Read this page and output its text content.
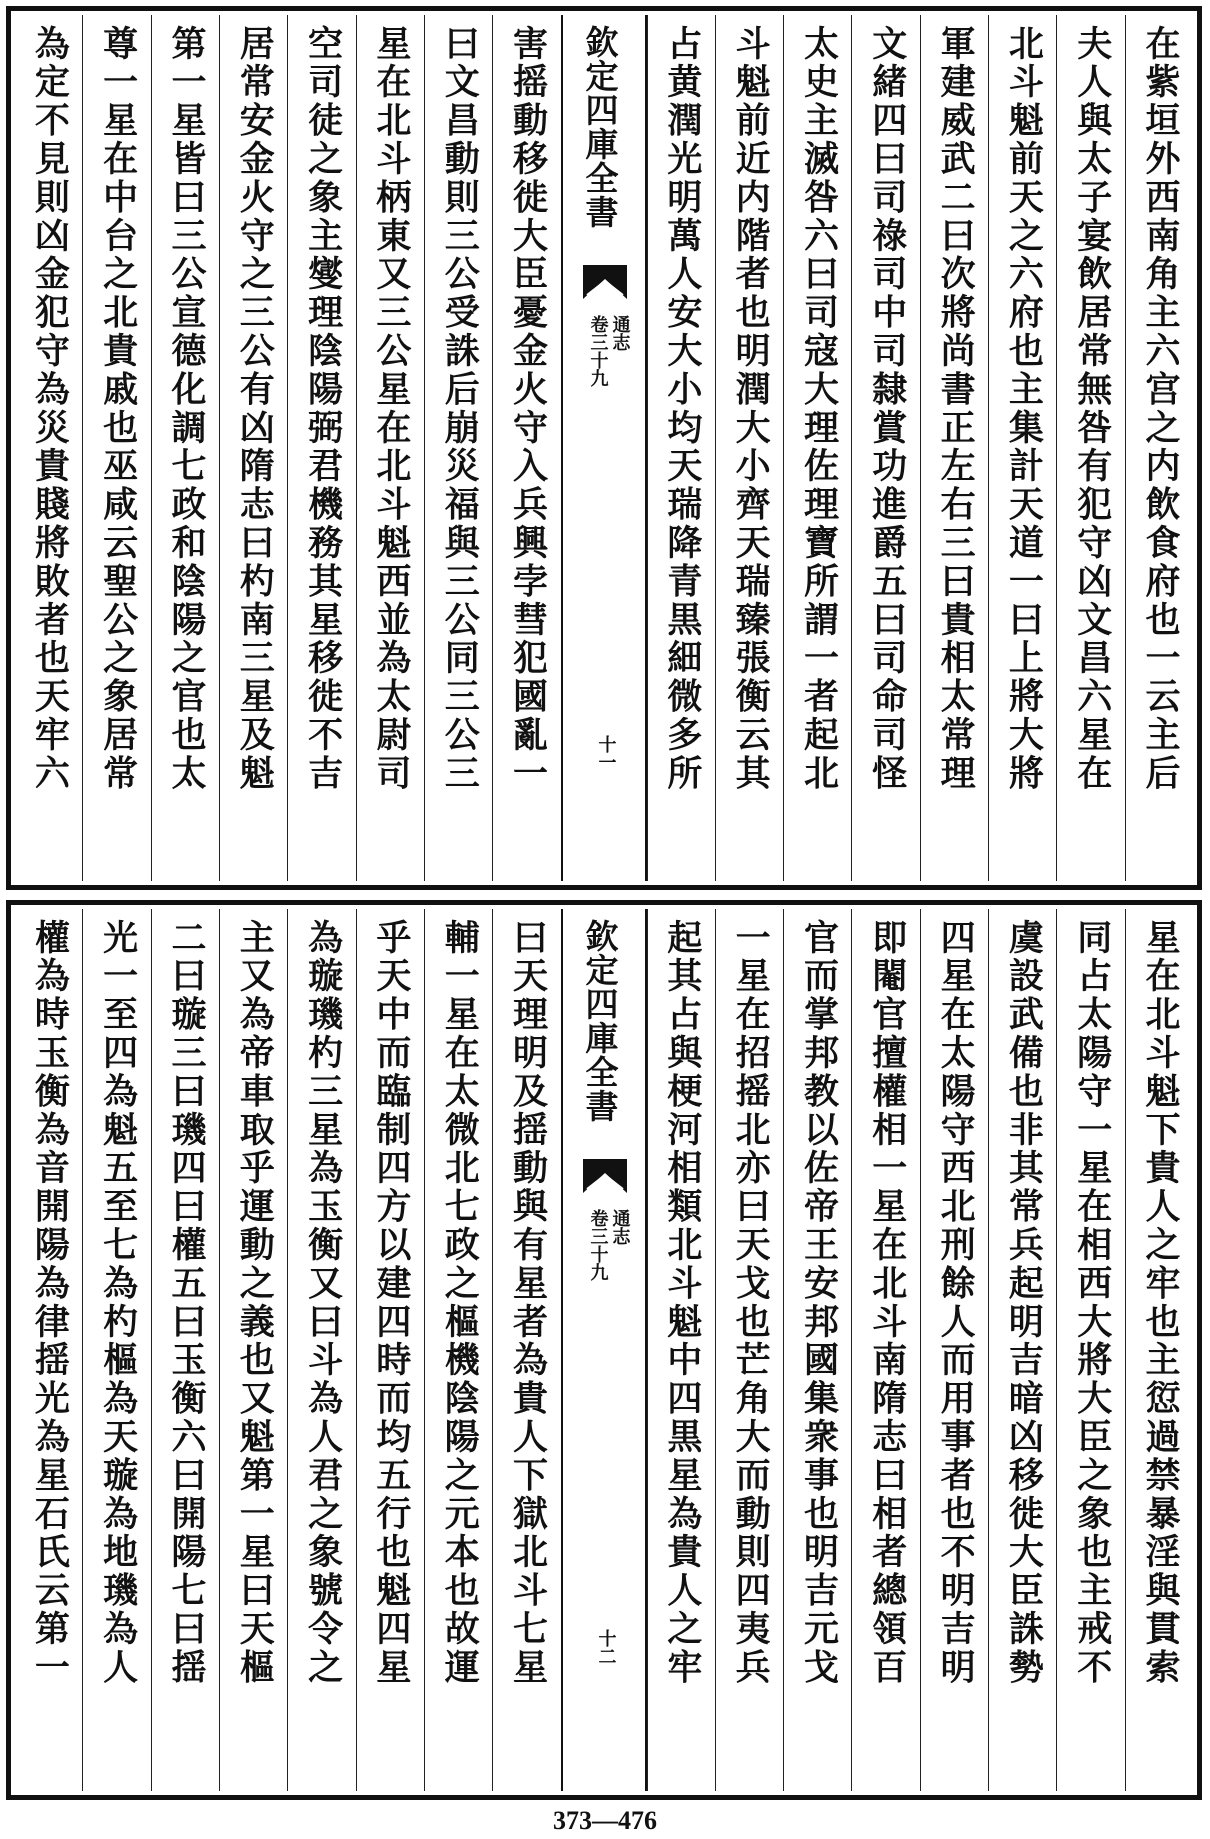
在紫垣外西南角主六宫之内飲食府也一云主后
夫人與太子宴飲居常無咎有犯守凶文昌六星在
北斗魁前天之六府也主集計天道一曰上將大將
軍建威武二曰次將尚書正左右三曰貴相太常理
文緒四曰司祿司中司隸賞功進爵五曰司命司怪
太史主滅咎六曰司寇大理佐理寶所謂一者起北
斗魁前近内階者也明潤大小齊天瑞臻張衡云其
占黄潤光明萬人安大小均天瑞降青黒細微多所
欽定四庫全書
通志
卷三十九
十一
害摇動移徙大臣憂金火守入兵興孛彗犯國亂一
曰文昌動則三公受誅后崩災福與三公同三公三
星在北斗柄東又三公星在北斗魁西並為太尉司
空司徒之象主燮理陰陽弼君機務其星移徙不吉
居常安金火守之三公有凶隋志曰杓南三星及魁
第一星皆曰三公宣德化調七政和陰陽之官也太
尊一星在中台之北貴戚也巫咸云聖公之象居常
為定不見則凶金犯守為災貴賤將敗者也天牢六
星在北斗魁下貴人之牢也主愆過禁暴淫與貫索
同占太陽守一星在相西大將大臣之象也主戒不
虞設武備也非其常兵起明吉暗凶移徙大臣誅勢
四星在太陽守西北刑餘人而用事者也不明吉明
即閹官擅權相一星在北斗南隋志曰相者總領百
官而掌邦教以佐帝王安邦國集衆事也明吉元戈
一星在招摇北亦曰天戈也芒角大而動則四夷兵
起其占與梗河相類北斗魁中四黒星為貴人之牢
欽定四庫全書
通志
卷三十九
十二
曰天理明及揺動與有星者為貴人下獄北斗七星
輔一星在太微北七政之樞機陰陽之元本也故運
乎天中而臨制四方以建四時而均五行也魁四星
為璇璣杓三星為玉衡又曰斗為人君之象號令之
主又為帝車取乎運動之義也又魁第一星曰天樞
二曰璇三曰璣四曰權五曰玉衡六曰開陽七曰揺
光一至四為魁五至七為杓樞為天璇為地璣為人
權為時玉衡為音開陽為律揺光為星石氏云第一
373—476
